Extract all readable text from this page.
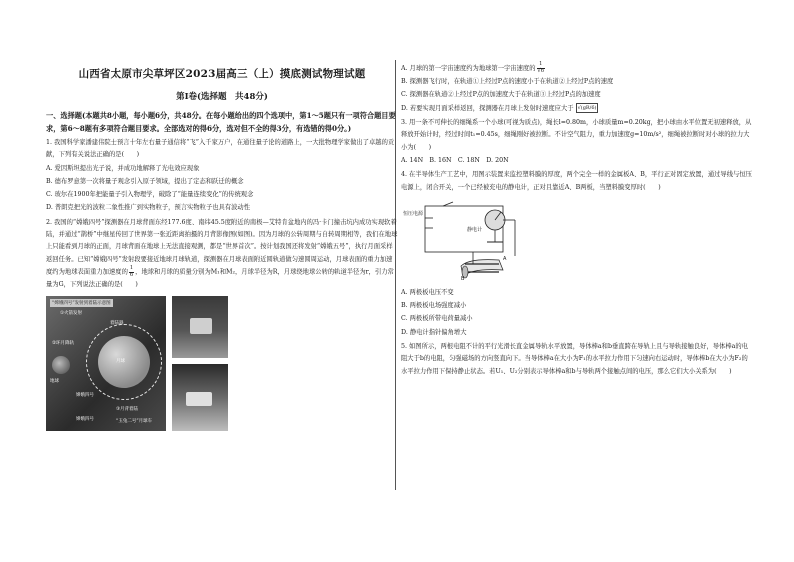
山西省太原市尖草坪区2023届高三（上）摸底测试物理试题
第Ⅰ卷(选择题　共48分)
一、选择题(本题共8小题，每小题6分，共48分。在每小题给出的四个选项中，第1～5题只有一项符合题目要求，第6～8题有多项符合题目要求。全部选对的得6分，选对但不全的得3分，有选错的得0分。)

1. 我国科学家潘建伟院士预言十年左右量子通信将“飞”入千家万户，在通往量子论的道路上，一大批物理学家做出了卓越的贡献，下列有关说法正确的是(　　)

A. 爱因斯坦提出光子说，并成功地解释了光电效应现象
B. 德布罗意第一次将量子观念引入原子领域，提出了定态和跃迁的概念
C. 玻尔在1900年把能量子引入物理学，破除了“能量连续变化”的传统观念
D. 普朗克把光的波粒二象性推广到实物粒子，预言实物粒子也具有波动性

2. 我国的“嫦娥四号”探测器在月球背面东经177.6度、南纬45.5度附近的南极—艾特肯盆地内的冯·卡门撞击坑内成功实现软着陆，并通过“鹊桥”中继星传回了世界第一张近距离拍摄的月背影像图(如图)。因为月球的公转周期与自转周期相等，我们在地球上只能看到月球的正面，月球背面在地球上无法直接观测，都是“世界首次”。按计划我国还将发射“嫦娥五号”，执行月面采样返回任务。已知“嫦娥四号”发射段要接近地球月球轨道，探测器在月球表面附近圆轨道做匀速圆周运动，月球表面的重力加速度约为地球表面重力加速度的 $\frac{1}{6}$ ，地球和月球的质量分别为M₁和M₂，月球半径为R，月球绕地球公转的轨道半径为r，引力常量为G，下列说法正确的是(　　)

“嫦娥四号”发射到着陆示意图
①火箭发射
②环月降轨
③月背着陆
嫦娥四号
着陆器
嫦娥四号	“玉兔二号”月球车
地球
月球
A. 月球的第一宇宙速度约为地球第一宇宙速度的 $\frac{1}{√6}$
B. 探测器飞行时，在轨道①上经过P点的速度小于在轨道②上经过P点的速度
C. 探测器在轨道②上经过P点的加速度大于在轨道③上经过P点的加速度
D. 若要实现月面采样返回，探测器在月球上发射时速度应大于 √(gR/6)

3. 用一条不可伸长的细绳系一个小球(可视为质点)，绳长l=0.80m，小球质量m=0.20kg，把小球由水平位置无初速释放，从释放开始计时，经过时间t₁=0.45s，细绳刚好被拉断。不计空气阻力，重力加速度g=10m/s²，细绳被拉断时对小球的拉力大小为(　　)

A. 14N　B. 16N　C. 18N　D. 20N

4. 在半导体生产工艺中，用图示装置来监控塑料膜的厚度，两个完全一样的金属板A、B，平行正对固定放置，通过导线与恒压电源上，闭合开关，一个已经被充电的静电计，正对且靠近A、B两板，当塑料膜变厚时(　　)

恒压电源
静电计
A
B
A. 两极板电压不变
B. 两极板电场强度减小
C. 两极板所带电荷量减小
D. 静电计指针偏角增大

5. 如图所示，两根电阻不计的平行光滑长直金属导轨水平放置，导体棒a和b垂直跨在导轨上且与导轨接触良好，导体棒a的电阻大于b的电阻，匀强磁场的方向竖直向下。当导体棒a在大小为F₁的水平拉力作用下匀速向右运动时，导体棒b在大小为F₂的水平拉力作用下保持静止状态。若U₁、U₂分别表示导体棒a和b与导轨两个接触点间的电压，那么它们大小关系为(　　)
